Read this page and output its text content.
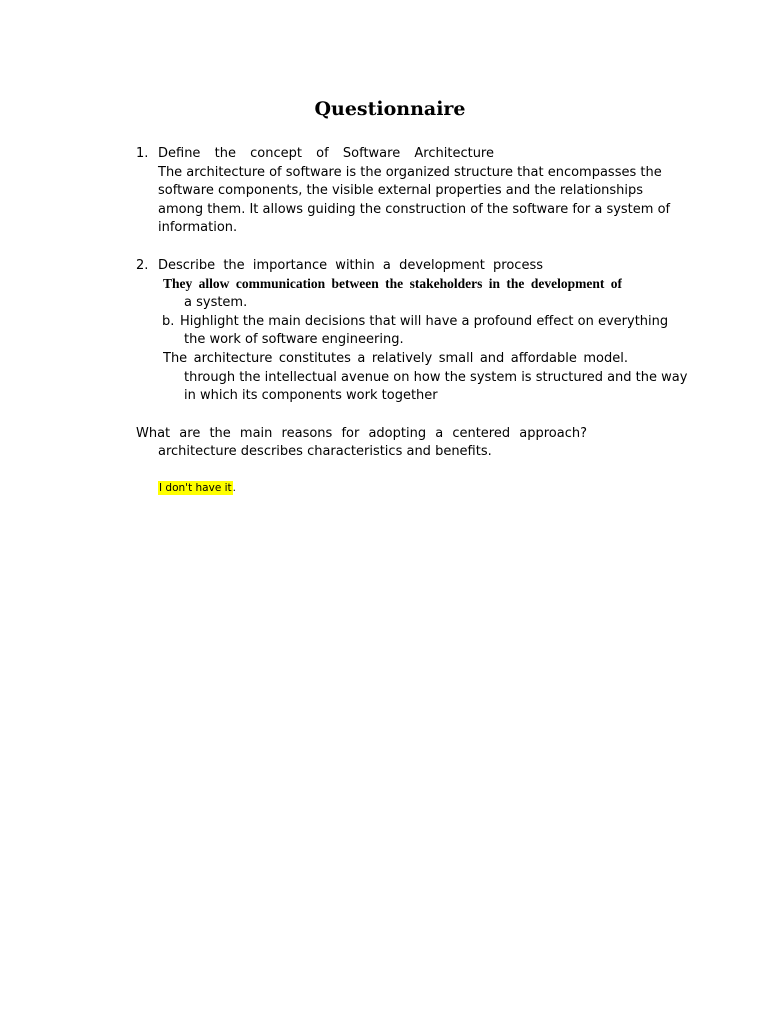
Questionnaire
1. Define the concept of Software Architecture
The architecture of software is the organized structure that encompasses the
software components, the visible external properties and the relationships
among them. It allows guiding the construction of the software for a system of
information.
2. Describe the importance within a development process
They allow communication between the stakeholders in the development of
a system.
b. Highlight the main decisions that will have a profound effect on everything
the work of software engineering.
The architecture constitutes a relatively small and affordable model.
through the intellectual avenue on how the system is structured and the way
in which its components work together
What are the main reasons for adopting a centered approach?
architecture describes characteristics and benefits.
I don't have it.
